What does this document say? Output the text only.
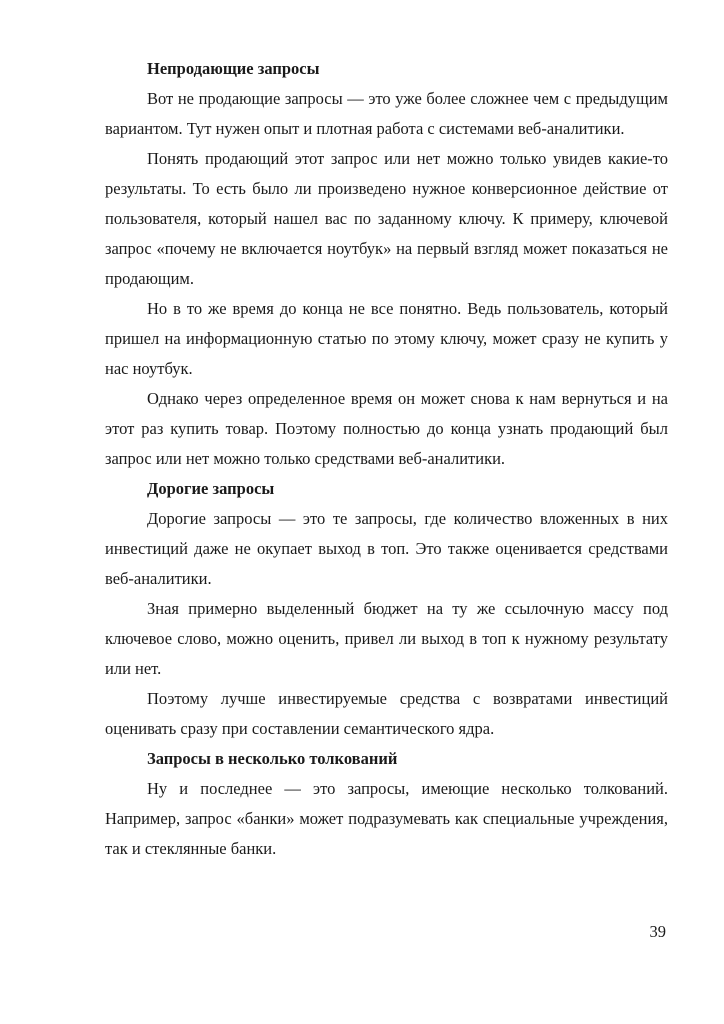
Непродающие запросы

Вот не продающие запросы — это уже более сложнее чем с предыдущим вариантом. Тут нужен опыт и плотная работа с системами веб-аналитики.

Понять продающий этот запрос или нет можно только увидев какие-то результаты. То есть было ли произведено нужное конверсионное действие от пользователя, который нашел вас по заданному ключу. К примеру, ключевой запрос «почему не включается ноутбук» на первый взгляд может показаться не продающим.

Но в то же время до конца не все понятно. Ведь пользователь, который пришел на информационную статью по этому ключу, может сразу не купить у нас ноутбук.

Однако через определенное время он может снова к нам вернуться и на этот раз купить товар. Поэтому полностью до конца узнать продающий был запрос или нет можно только средствами веб-аналитики.

Дорогие запросы

Дорогие запросы — это те запросы, где количество вложенных в них инвестиций даже не окупает выход в топ. Это также оценивается средствами веб-аналитики.

Зная примерно выделенный бюджет на ту же ссылочную массу под ключевое слово, можно оценить, привел ли выход в топ к нужному результату или нет.

Поэтому лучше инвестируемые средства с возвратами инвестиций оценивать сразу при составлении семантического ядра.

Запросы в несколько толкований

Ну и последнее — это запросы, имеющие несколько толкований. Например, запрос «банки» может подразумевать как специальные учреждения, так и стеклянные банки.

39
